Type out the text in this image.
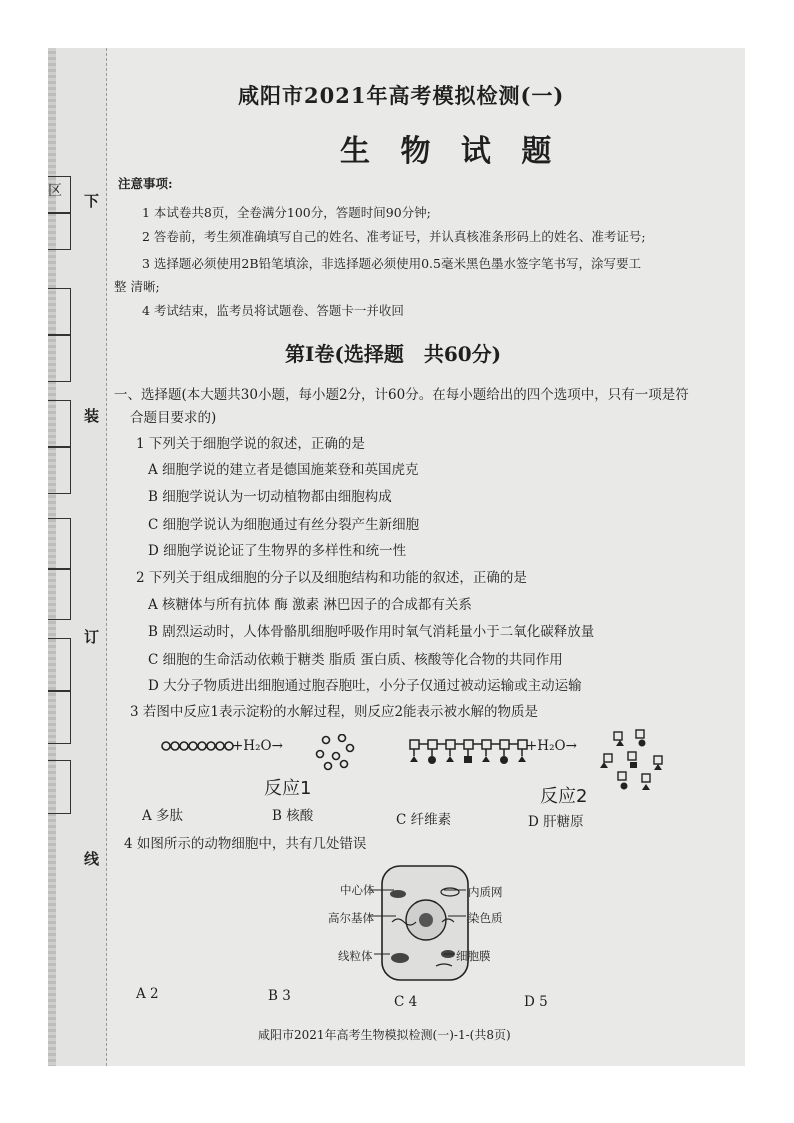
区
下
装
订
线
咸阳市2021年高考模拟检测(一)
生 物 试 题
注意事项:
1 本试卷共8页，全卷满分100分，答题时间90分钟;
2 答卷前，考生须准确填写自己的姓名、准考证号，并认真核准条形码上的姓名、准考证号;
3 选择题必须使用2B铅笔填涂，非选择题必须使用0.5毫米黑色墨水签字笔书写，涂写要工
整 清晰;
4 考试结束，监考员将试题卷、答题卡一并收回
第Ⅰ卷(选择题　共60分)
一、选择题(本大题共30小题，每小题2分，计60分。在每小题给出的四个选项中，只有一项是符
合题目要求的)
1 下列关于细胞学说的叙述，正确的是
A 细胞学说的建立者是德国施莱登和英国虎克
B 细胞学说认为一切动植物都由细胞构成
C 细胞学说认为细胞通过有丝分裂产生新细胞
D 细胞学说论证了生物界的多样性和统一性
2 下列关于组成细胞的分子以及细胞结构和功能的叙述，正确的是
A 核糖体与所有抗体 酶 激素 淋巴因子的合成都有关系
B 剧烈运动时，人体骨骼肌细胞呼吸作用时氧气消耗量小于二氧化碳释放量
C 细胞的生命活动依赖于糖类 脂质 蛋白质、核酸等化合物的共同作用
D 大分子物质进出细胞通过胞吞胞吐，小分子仅通过被动运输或主动运输
3 若图中反应1表示淀粉的水解过程，则反应2能表示被水解的物质是
+H₂O→
反应1
+H₂O→
反应2
A 多肽	B 核酸	C 纤维素	D 肝糖原
4 如图所示的动物细胞中，共有几处错误
中心体
高尔基体
线粒体
内质网
染色质
细胞膜
A 2	B 3	C 4	D 5
咸阳市2021年高考生物模拟检测(一)-1-(共8页)
